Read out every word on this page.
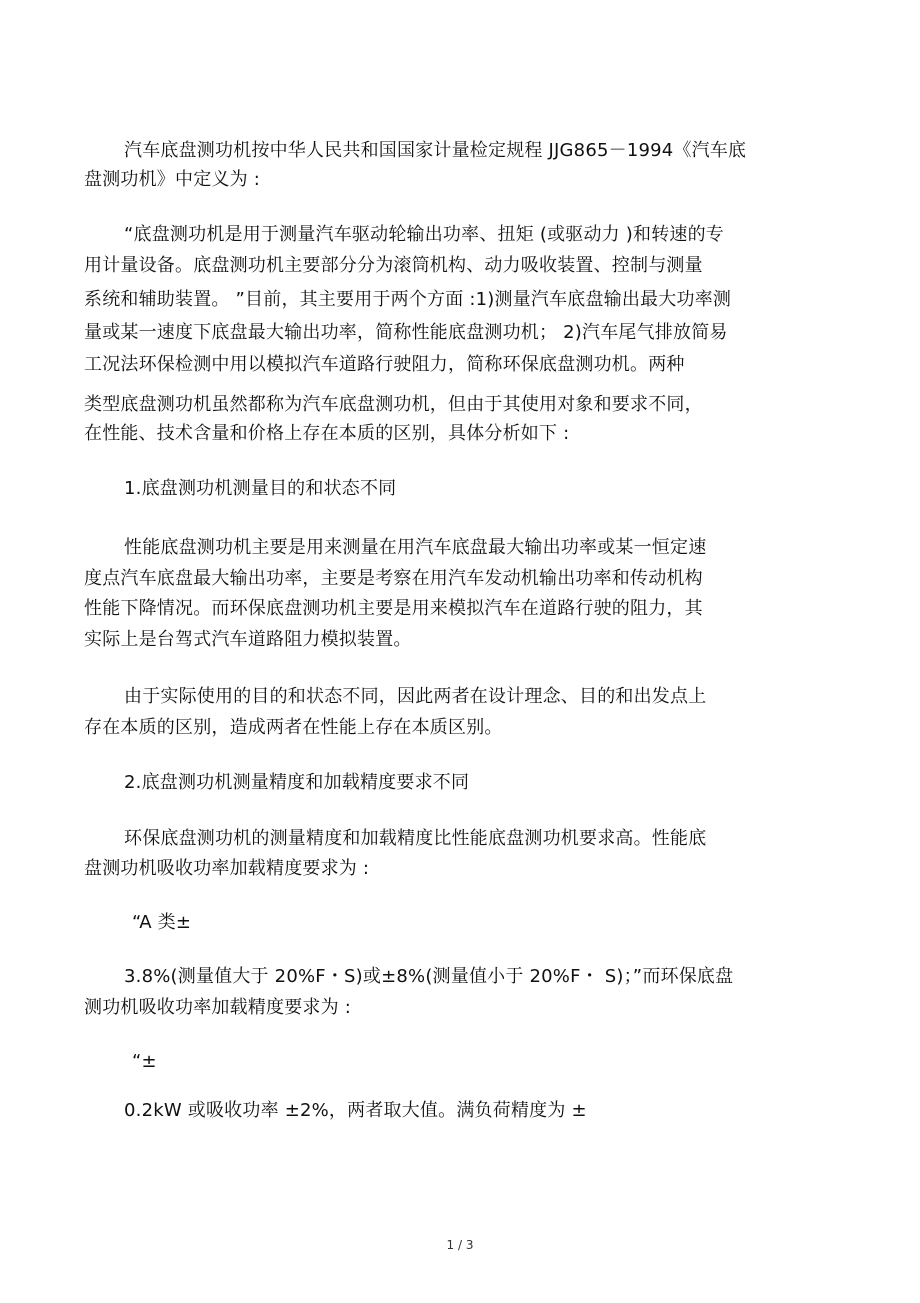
汽车底盘测功机按中华人民共和国国家计量检定规程 JJG865－1994《汽车底
盘测功机》中定义为 :
“底盘测功机是用于测量汽车驱动轮输出功率、扭矩 (或驱动力 )和转速的专
用计量设备。底盘测功机主要部分分为滚筒机构、动力吸收装置、控制与测量
系统和辅助装置。 ”目前，其主要用于两个方面 :1)测量汽车底盘输出最大功率测
量或某一速度下底盘最大输出功率，简称性能底盘测功机； 2)汽车尾气排放简易
工况法环保检测中用以模拟汽车道路行驶阻力，简称环保底盘测功机。两种
类型底盘测功机虽然都称为汽车底盘测功机，但由于其使用对象和要求不同，
在性能、技术含量和价格上存在本质的区别，具体分析如下 :
1.底盘测功机测量目的和状态不同
性能底盘测功机主要是用来测量在用汽车底盘最大输出功率或某一恒定速
度点汽车底盘最大输出功率，主要是考察在用汽车发动机输出功率和传动机构
性能下降情况。而环保底盘测功机主要是用来模拟汽车在道路行驶的阻力，其
实际上是台驾式汽车道路阻力模拟装置。
由于实际使用的目的和状态不同，因此两者在设计理念、目的和出发点上
存在本质的区别，造成两者在性能上存在本质区别。
2.底盘测功机测量精度和加载精度要求不同
环保底盘测功机的测量精度和加载精度比性能底盘测功机要求高。性能底
盘测功机吸收功率加载精度要求为 :
“A 类±
3.8%(测量值大于 20%F・S)或±8%(测量值小于 20%F・ S)；”而环保底盘
测功机吸收功率加载精度要求为 :
“±
0.2kW 或吸收功率 ±2%，两者取大值。满负荷精度为 ±
1 / 3
